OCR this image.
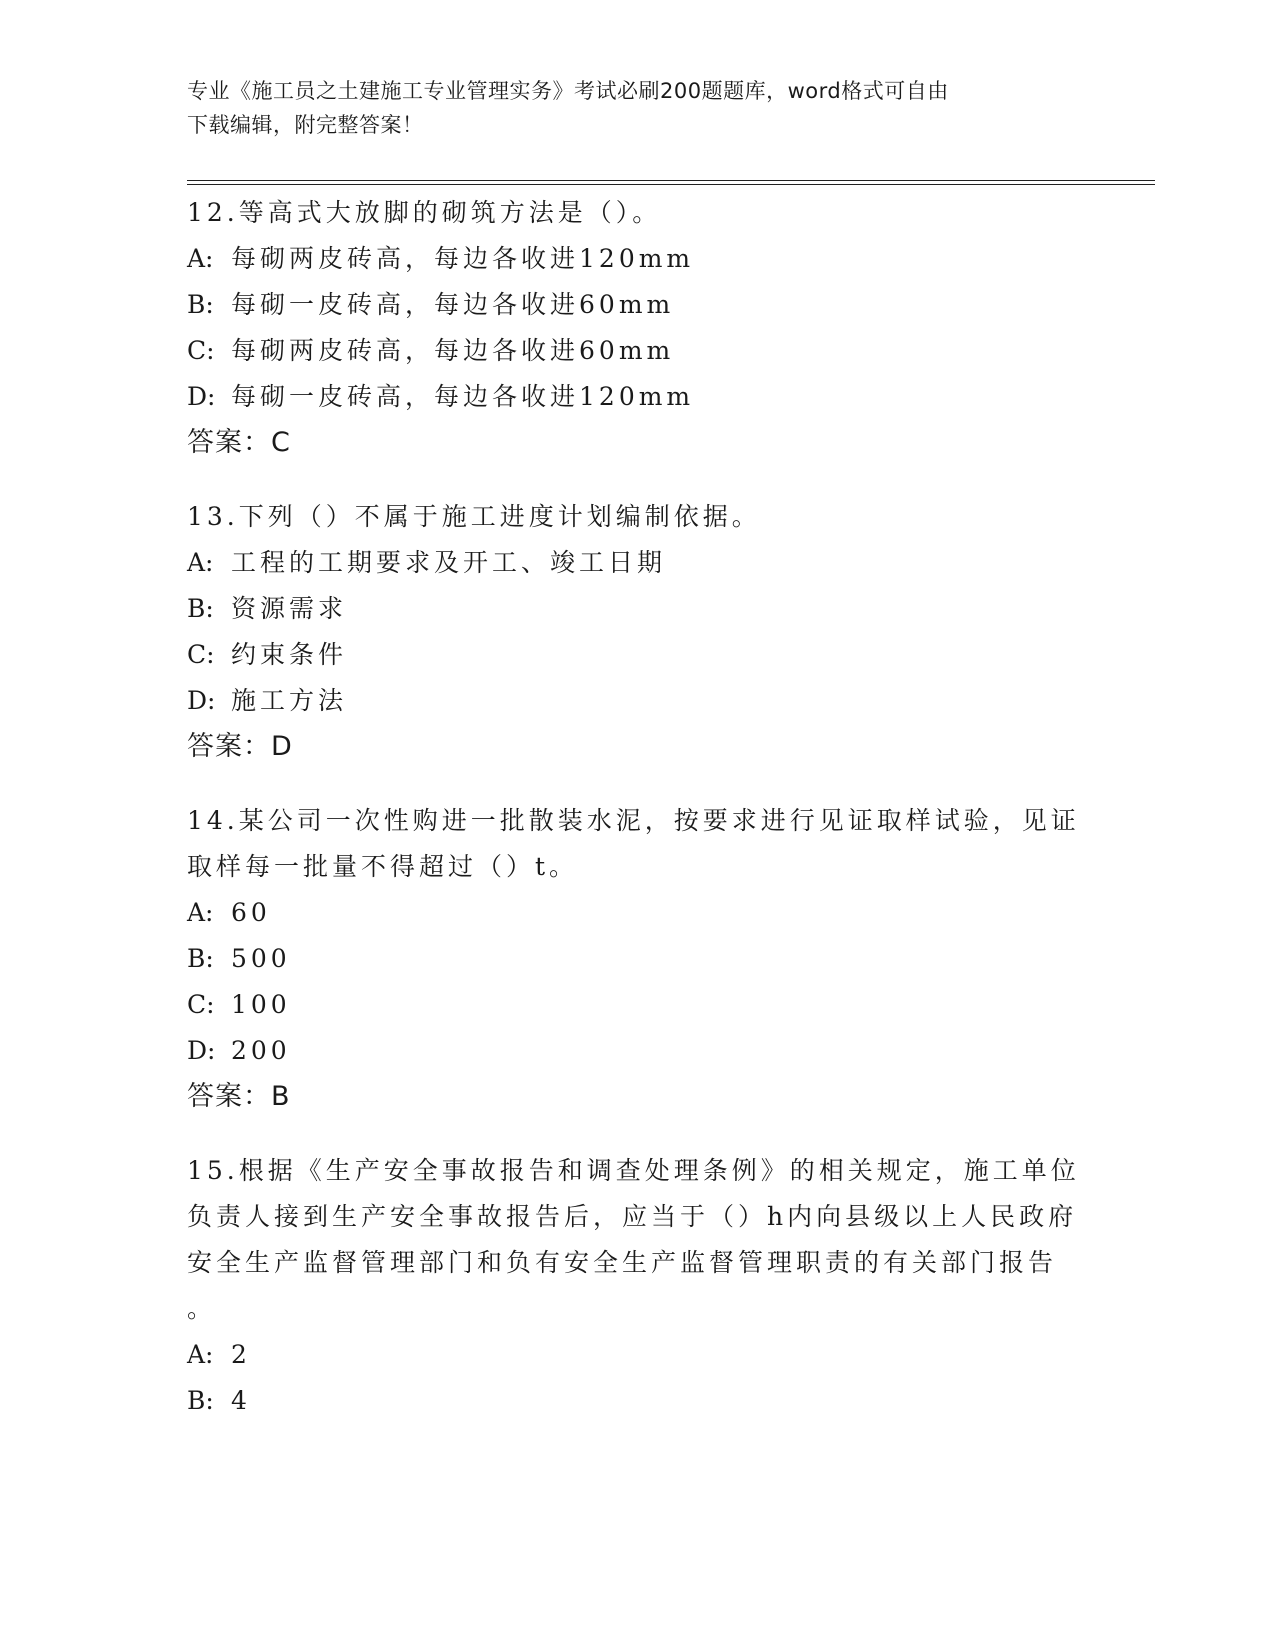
专业《施工员之土建施工专业管理实务》考试必刷200题题库，word格式可自由
下载编辑，附完整答案！
12.等高式大放脚的砌筑方法是（）。
A: 每砌两皮砖高，每边各收进120mm
B: 每砌一皮砖高，每边各收进60mm
C: 每砌两皮砖高，每边各收进60mm
D: 每砌一皮砖高，每边各收进120mm
答案：C
13.下列（）不属于施工进度计划编制依据。
A: 工程的工期要求及开工、竣工日期
B: 资源需求
C: 约束条件
D: 施工方法
答案：D
14.某公司一次性购进一批散装水泥，按要求进行见证取样试验，见证
取样每一批量不得超过（）t。
A: 60
B: 500
C: 100
D: 200
答案：B
15.根据《生产安全事故报告和调查处理条例》的相关规定，施工单位
负责人接到生产安全事故报告后，应当于（）h内向县级以上人民政府
安全生产监督管理部门和负有安全生产监督管理职责的有关部门报告
。
A: 2
B: 4
